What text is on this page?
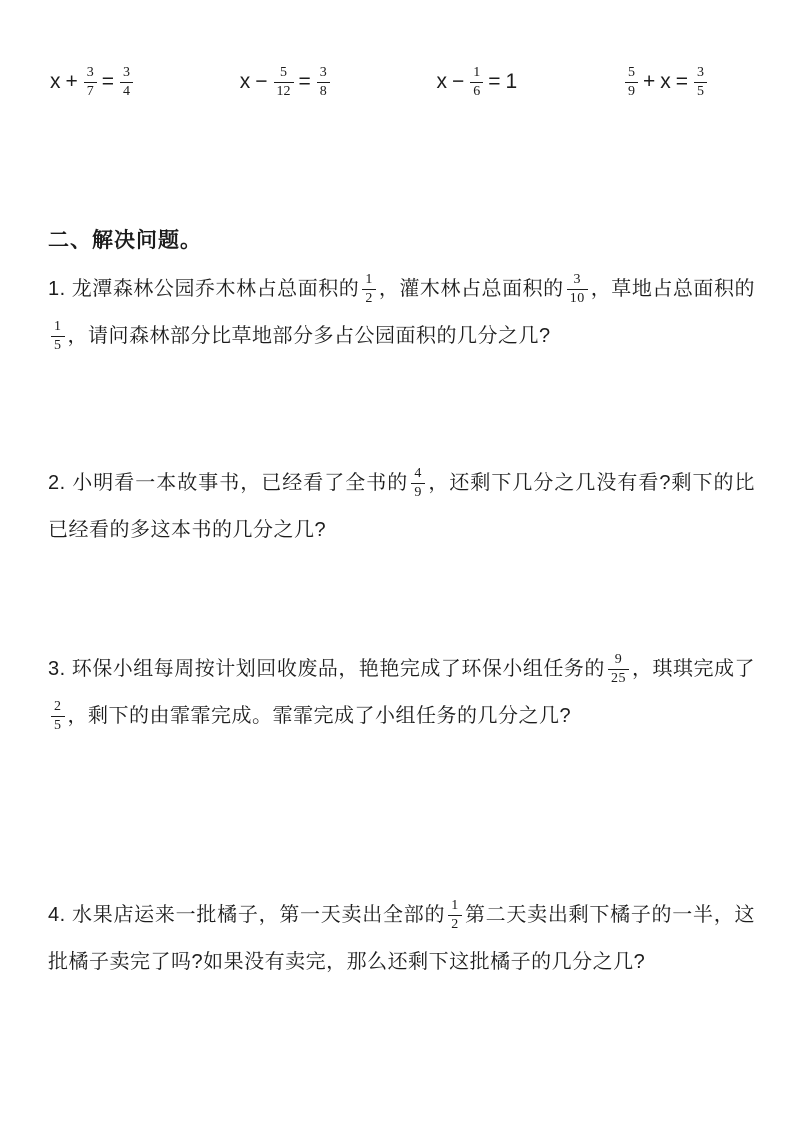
$x + \frac{3}{7} = \frac{3}{4}$	$x - \frac{5}{12} = \frac{3}{8}$	$x - \frac{1}{6} = 1$	$\frac{5}{9} + x = \frac{3}{5}$
二、解决问题。

1. 龙潭森林公园乔木林占总面积的 $\frac{1}{2}$ ，灌木林占总面积的 $\frac{3}{10}$ ，草地占总面积的
$\frac{1}{5}$ ，请问森林部分比草地部分多占公园面积的几分之几?

2. 小明看一本故事书，已经看了全书的 $\frac{4}{9}$ ，还剩下几分之几没有看?剩下的比已经看的多这本书的几分之几?

3. 环保小组每周按计划回收废品，艳艳完成了环保小组任务的 $\frac{9}{25}$ ，琪琪完成了
$\frac{2}{5}$ ，剩下的由霏霏完成。霏霏完成了小组任务的几分之几?

4. 水果店运来一批橘子，第一天卖出全部的 $\frac{1}{2}$ 第二天卖出剩下橘子的一半，这批橘子卖完了吗?如果没有卖完，那么还剩下这批橘子的几分之几?
